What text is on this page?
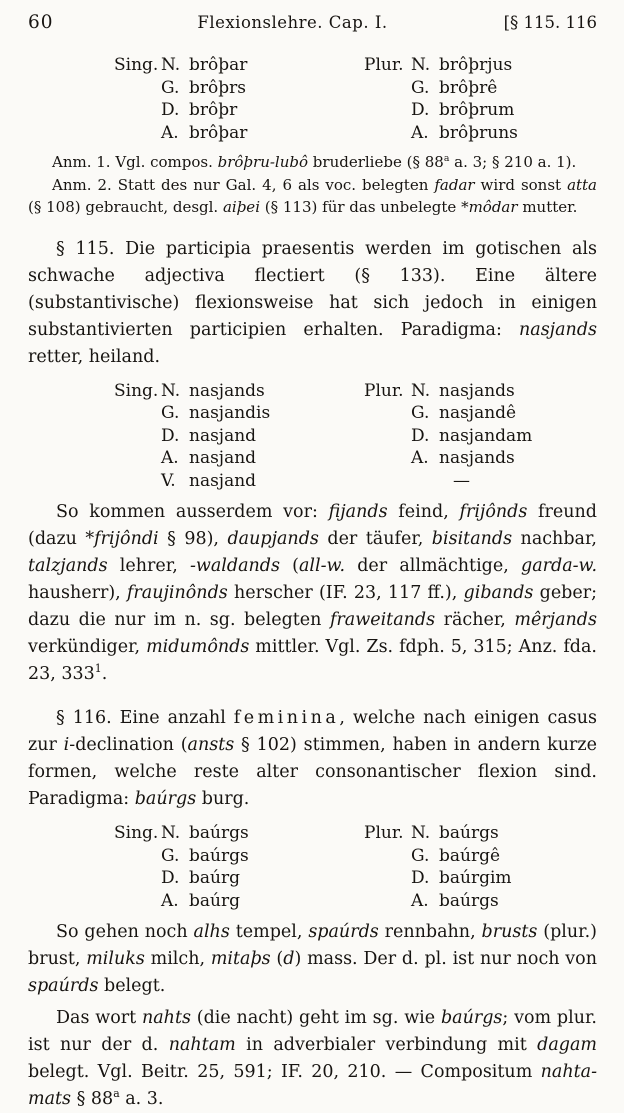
60	Flexionslehre. Cap. I.	[§ 115. 116
Sing. N. brôþar
G. brôþrs
D. brôþr
A. brôþar
Plur. N. brôþrjus
G. brôþrê
D. brôþrum
A. brôþruns

Anm. 1. Vgl. compos. brôþru-lubô bruderliebe (§ 88$^a$ a. 3; § 210 a. 1).

Anm. 2. Statt des nur Gal. 4, 6 als voc. belegten fadar wird sonst atta (§ 108) gebraucht, desgl. aiþei (§ 113) für das unbelegte *môdar mutter.

§ 115. Die participia praesentis werden im gotischen als schwache adjectiva flectiert (§ 133). Eine ältere (substantivische) flexionsweise hat sich jedoch in einigen substantivierten participien erhalten. Paradigma: nasjands retter, heiland.

Sing. N. nasjands
G. nasjandis
D. nasjand
A. nasjand
V. nasjand
Plur. N. nasjands
G. nasjandê
D. nasjandam
A. nasjands
—

So kommen ausserdem vor: fijands feind, frijônds freund (dazu *frijôndi § 98), daupjands der täufer, bisitands nachbar, talzjands lehrer, -waldands (all-w. der allmächtige, garda-w. hausherr), fraujinônds herscher (IF. 23, 117 ff.), gibands geber; dazu die nur im n. sg. belegten fraweitands rächer, mêrjands verkündiger, midumônds mittler. Vgl. Zs. fdph. 5, 315; Anz. fda. 23, $333^1$.

§ 116. Eine anzahl feminina, welche nach einigen casus zur i-declination (ansts § 102) stimmen, haben in andern kurze formen, welche reste alter consonantischer flexion sind. Paradigma: baúrgs burg.

Sing. N. baúrgs
G. baúrgs
D. baúrg
A. baúrg
Plur. N. baúrgs
G. baúrgê
D. baúrgim
A. baúrgs

So gehen noch alhs tempel, spaúrds rennbahn, brusts (plur.) brust, miluks milch, mitaþs (d) mass. Der d. pl. ist nur noch von spaúrds belegt.

Das wort nahts (die nacht) geht im sg. wie baúrgs; vom plur. ist nur der d. nahtam in adverbialer verbindung mit dagam belegt. Vgl. Beitr. 25, 591; IF. 20, 210. — Compositum nahta-mats § 88$^a$ a. 3.
